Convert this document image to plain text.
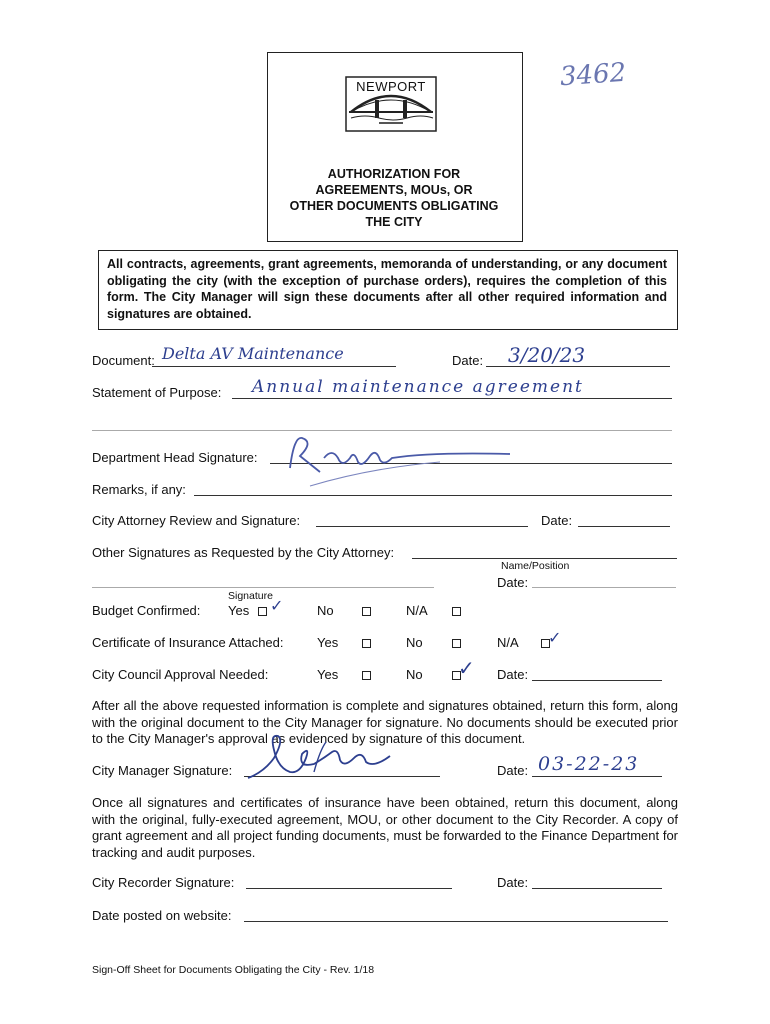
NEWPORT
AUTHORIZATION FOR
AGREEMENTS, MOUs, OR
OTHER DOCUMENTS OBLIGATING
THE CITY
3462
All contracts, agreements, grant agreements, memoranda of understanding, or any document obligating the city (with the exception of purchase orders), requires the completion of this form. The City Manager will sign these documents after all other required information and signatures are obtained.
Document: Delta AV Maintenance	Date: 3/20/23
Statement of Purpose: Annual maintenance agreement
Department Head Signature:
Remarks, if any:
City Attorney Review and Signature:	Date:
Other Signatures as Requested by the City Attorney:
Name/Position
Date:
Signature
Budget Confirmed: Yes ✓	No	N/A
Certificate of Insurance Attached:	Yes	No	N/A ✓
City Council Approval Needed:	Yes	No ✓ Date:
After all the above requested information is complete and signatures obtained, return this form, along with the original document to the City Manager for signature. No documents should be executed prior to the City Manager's approval as evidenced by signature of this document.
City Manager Signature:	Date: 03-22-23
Once all signatures and certificates of insurance have been obtained, return this document, along with the original, fully-executed agreement, MOU, or other document to the City Recorder. A copy of grant agreement and all project funding documents, must be forwarded to the Finance Department for tracking and audit purposes.
City Recorder Signature:	Date:
Date posted on website:
Sign-Off Sheet for Documents Obligating the City - Rev. 1/18
